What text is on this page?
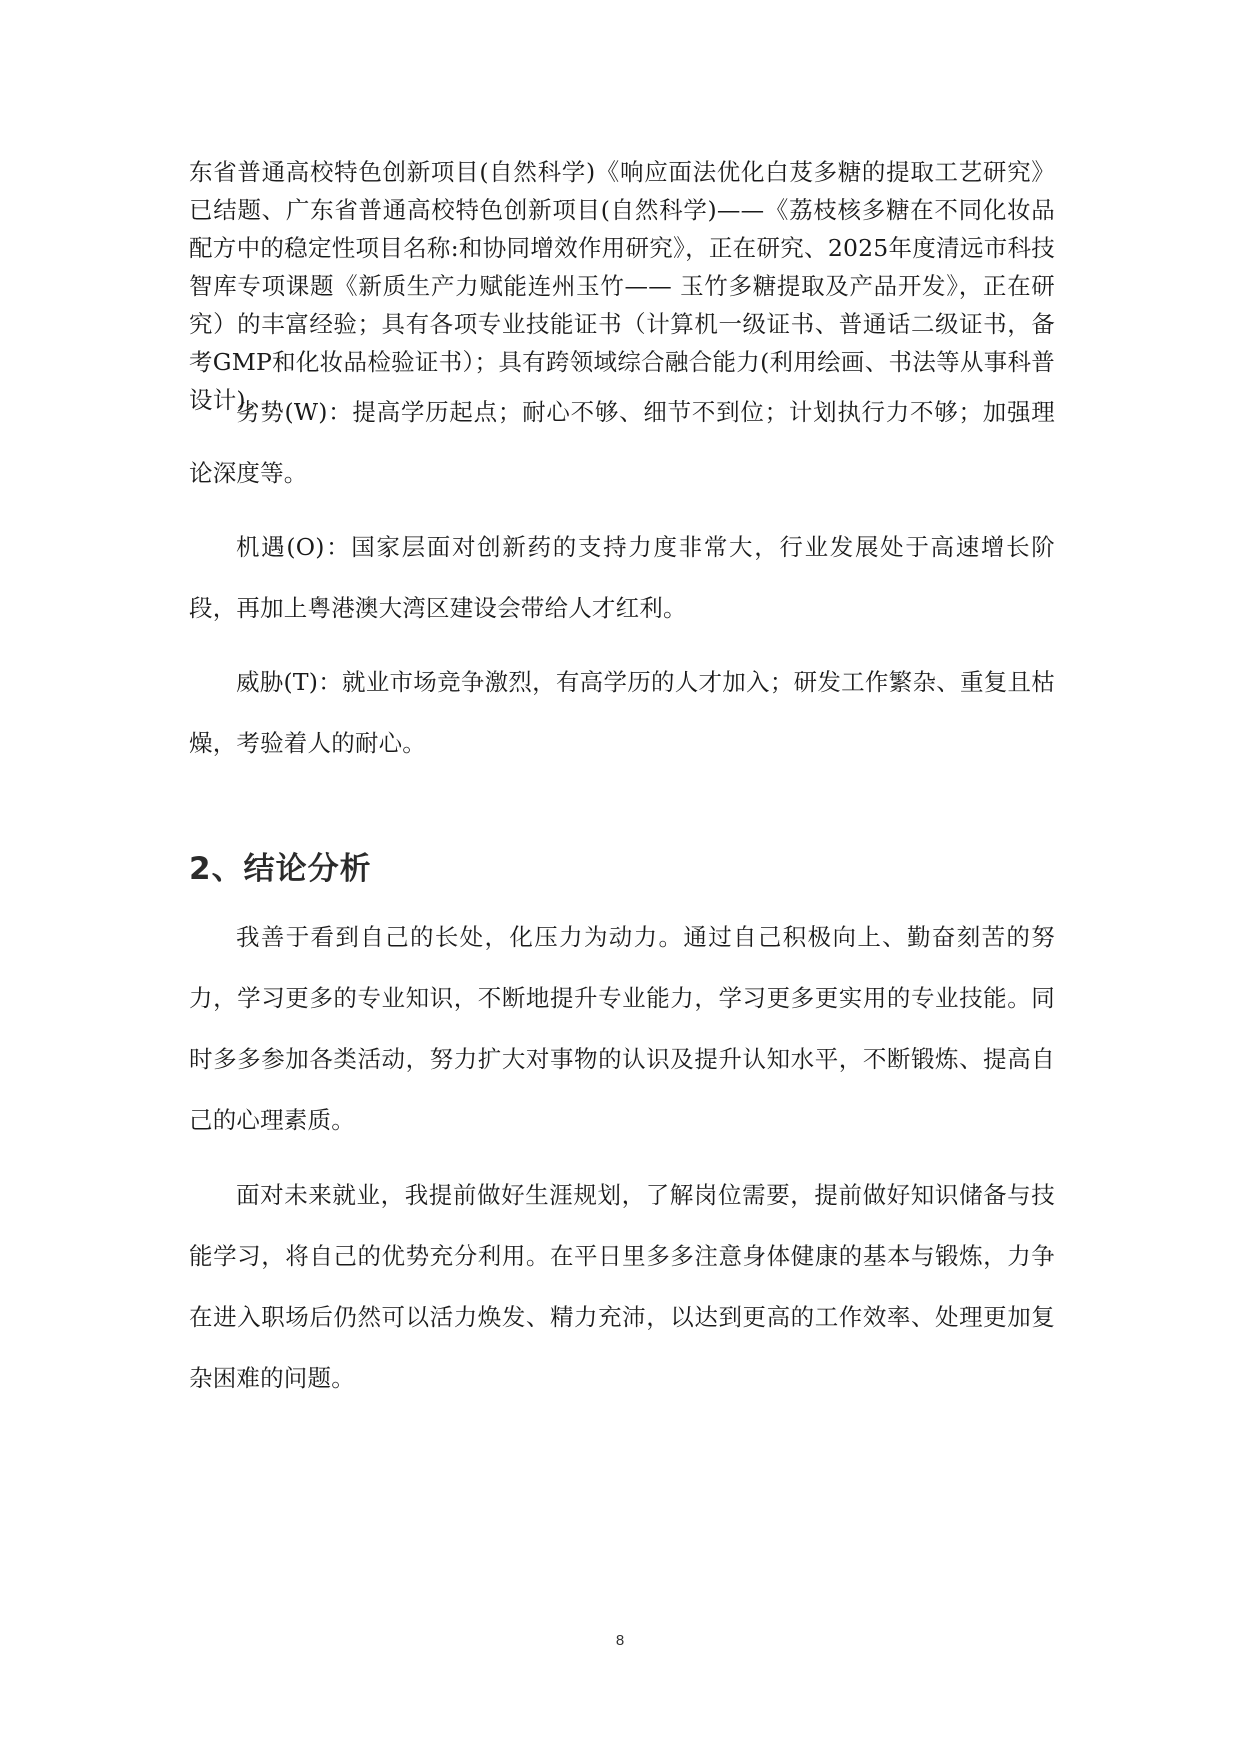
东省普通高校特色创新项目(自然科学)《响应面法优化白芨多糖的提取工艺研究》已结题、广东省普通高校特色创新项目(自然科学)——《荔枝核多糖在不同化妆品配方中的稳定性项目名称:和协同增效作用研究》，正在研究、2025年度清远市科技智库专项课题《新质生产力赋能连州玉竹—— 玉竹多糖提取及产品开发》，正在研究）的丰富经验；具有各项专业技能证书（计算机一级证书、普通话二级证书，备考GMP和化妆品检验证书）；具有跨领域综合融合能力(利用绘画、书法等从事科普设计)。

劣势(W)：提高学历起点；耐心不够、细节不到位；计划执行力不够；加强理论深度等。

机遇(O)：国家层面对创新药的支持力度非常大，行业发展处于高速增长阶段，再加上粤港澳大湾区建设会带给人才红利。

威胁(T)：就业市场竞争激烈，有高学历的人才加入；研发工作繁杂、重复且枯燥，考验着人的耐心。

2、结论分析

我善于看到自己的长处，化压力为动力。通过自己积极向上、勤奋刻苦的努力，学习更多的专业知识，不断地提升专业能力，学习更多更实用的专业技能。同时多多参加各类活动，努力扩大对事物的认识及提升认知水平，不断锻炼、提高自己的心理素质。

面对未来就业，我提前做好生涯规划，了解岗位需要，提前做好知识储备与技能学习，将自己的优势充分利用。在平日里多多注意身体健康的基本与锻炼，力争在进入职场后仍然可以活力焕发、精力充沛，以达到更高的工作效率、处理更加复杂困难的问题。

8
